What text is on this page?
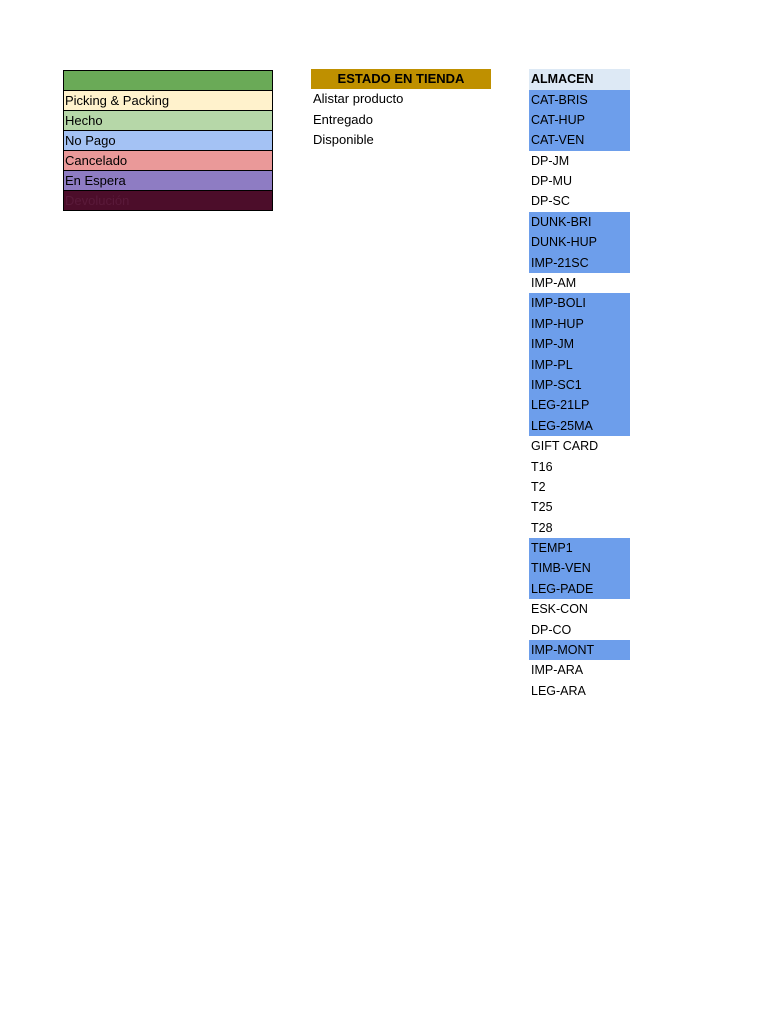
Picking & Packing
Hecho
No Pago
Cancelado
En Espera
Devolución
ESTADO EN TIENDA
Alistar producto
Entregado
Disponible
ALMACEN
CAT-BRIS
CAT-HUP
CAT-VEN
DP-JM
DP-MU
DP-SC
DUNK-BRI
DUNK-HUP
IMP-21SC
IMP-AM
IMP-BOLI
IMP-HUP
IMP-JM
IMP-PL
IMP-SC1
LEG-21LP
LEG-25MA
GIFT CARD
T16
T2
T25
T28
TEMP1
TIMB-VEN
LEG-PADE
ESK-CON
DP-CO
IMP-MONT
IMP-ARA
LEG-ARA
